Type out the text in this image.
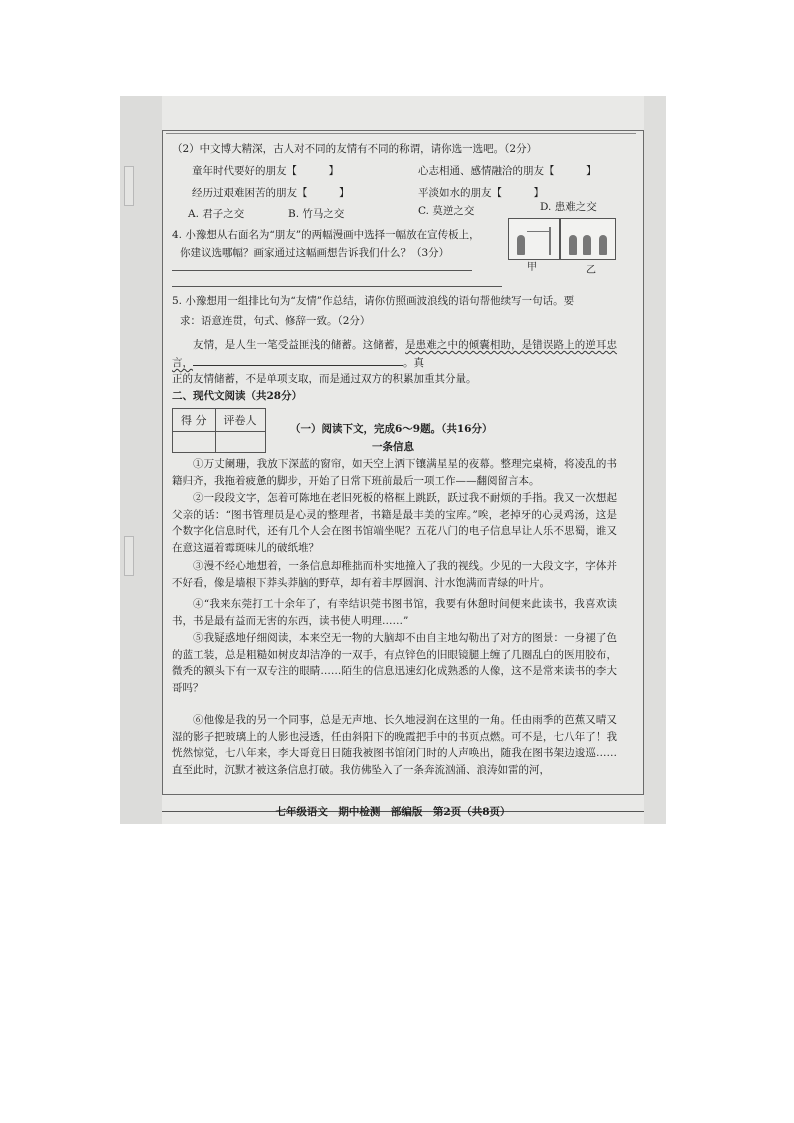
（2）中文博大精深，古人对不同的友情有不同的称谓，请你选一选吧。（2分）
童年时代要好的朋友【　　　】	心志相通、感情融洽的朋友【　　　】
经历过艰难困苦的朋友【　　　】	平淡如水的朋友【　　　】
A. 君子之交	B. 竹马之交	C. 莫逆之交	D. 患难之交
4. 小豫想从右面名为“朋友”的两幅漫画中选择一幅放在宣传板上，
你建议选哪幅？画家通过这幅画想告诉我们什么？（3分）
甲	乙
5. 小豫想用一组排比句为“友情”作总结，请你仿照画波浪线的语句帮他续写一句话。要
求：语意连贯，句式、修辞一致。（2分）
友情，是人生一笔受益匪浅的储蓄。这储蓄，是患难之中的倾囊相助，是错误路上的逆耳忠言，	。真
正的友情储蓄，不是单项支取，而是通过双方的积累加重其分量。
二、现代文阅读（共28分）
得 分	评卷人

（一）阅读下文，完成6～9题。（共16分）
一条信息
①万丈阑珊，我放下深蓝的窗帘，如天空上洒下镶满星星的夜幕。整理完桌椅，将凌乱的书籍归齐，我拖着疲惫的脚步，开始了日常下班前最后一项工作——翻阅留言本。
②一段段文字，怎着可陈地在老旧死板的格框上跳跃，跃过我不耐烦的手指。我又一次想起父亲的话：“图书管理员是心灵的整理者，书籍是最丰美的宝库。”唉，老掉牙的心灵鸡汤，这是个数字化信息时代，还有几个人会在图书馆端坐呢？五花八门的电子信息早让人乐不思蜀，谁又在意这逼着霉斑味儿的破纸堆？
③漫不经心地想着，一条信息却稚拙而朴实地撞入了我的视线。少见的一大段文字，字体并不好看，像是墙根下莽头莽脑的野草，却有着丰厚圆润、汁水饱满而青绿的叶片。
④“我来东莞打工十余年了，有幸结识莞书图书馆，我要有休憩时间便来此读书，我喜欢读书，书是最有益而无害的东西，读书使人明理……”
⑤我疑惑地仔细阅读，本来空无一物的大脑却不由自主地勾勒出了对方的图景：一身褪了色的蓝工装，总是粗糙如树皮却洁净的一双手，有点锌色的旧眼镜腿上缠了几圈乱白的医用胶布，微秃的额头下有一双专注的眼睛……陌生的信息迅速幻化成熟悉的人像，这不是常来读书的李大哥吗？
⑥他像是我的另一个同事，总是无声地、长久地浸润在这里的一角。任由雨季的芭蕉又晴又湿的影子把玻璃上的人影也浸透，任由斜阳下的晚霞把手中的书页点燃。可不是，七八年了！我恍然惊觉，七八年来，李大哥竟日日随我被图书馆闭门时的人声唤出，随我在图书架边逡巡……直至此时，沉默才被这条信息打破。我仿佛坠入了一条奔流汹涌、浪涛如雷的河，
七年级语文　期中检测　部编版　第2页（共8页）
